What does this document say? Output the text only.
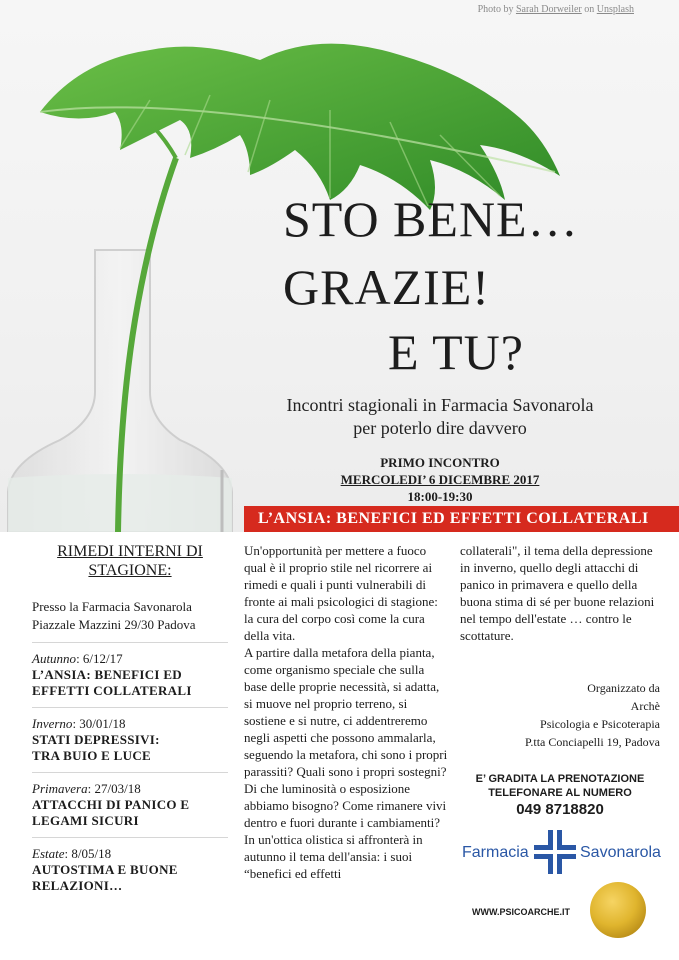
Photo by Sarah Dorweiler on Unsplash
STO BENE…
GRAZIE!
E TU?
Incontri stagionali in Farmacia Savonarola
per poterlo dire davvero
PRIMO INCONTRO
MERCOLEDI’ 6 DICEMBRE 2017
18:00-19:30
L’ANSIA: BENEFICI ED EFFETTI COLLATERALI
RIMEDI INTERNI DI
STAGIONE:
Presso la Farmacia Savonarola
Piazzale Mazzini 29/30 Padova
Autunno: 6/12/17
L’ANSIA: BENEFICI ED
EFFETTI COLLATERALI
Inverno: 30/01/18
STATI DEPRESSIVI:
TRA BUIO E LUCE
Primavera: 27/03/18
ATTACCHI DI PANICO E
LEGAMI SICURI
Estate: 8/05/18
AUTOSTIMA E BUONE
RELAZIONI…

Un'opportunità per mettere a fuoco qual è il proprio stile nel ricorrere ai rimedi e quali i punti vulnerabili di fronte ai mali psicologici di stagione: la cura del corpo così come la cura della vita.

A partire dalla metafora della pianta, come organismo speciale che sulla base delle proprie necessità, si adatta, si muove nel proprio terreno, si sostiene e si nutre, ci addentreremo negli aspetti che possono ammalarla, seguendo la metafora, chi sono i propri parassiti? Quali sono i propri sostegni? Di che luminosità o esposizione abbiamo bisogno? Come rimanere vivi dentro e fuori durante i cambiamenti?

In un'ottica olistica si affronterà in autunno il tema dell'ansia: i suoi “benefici ed effetti

collaterali", il tema della depressione in inverno, quello degli attacchi di panico in primavera e quello della buona stima di sé per buone relazioni nel tempo dell'estate … contro le scottature.

Organizzato da
Archè
Psicologia e Psicoterapia
P.tta Conciapelli 19, Padova
E’ GRADITA LA PRENOTAZIONE
TELEFONARE AL NUMERO
049 8718820
Farmacia	Savonarola
WWW.PSICOARCHE.IT
